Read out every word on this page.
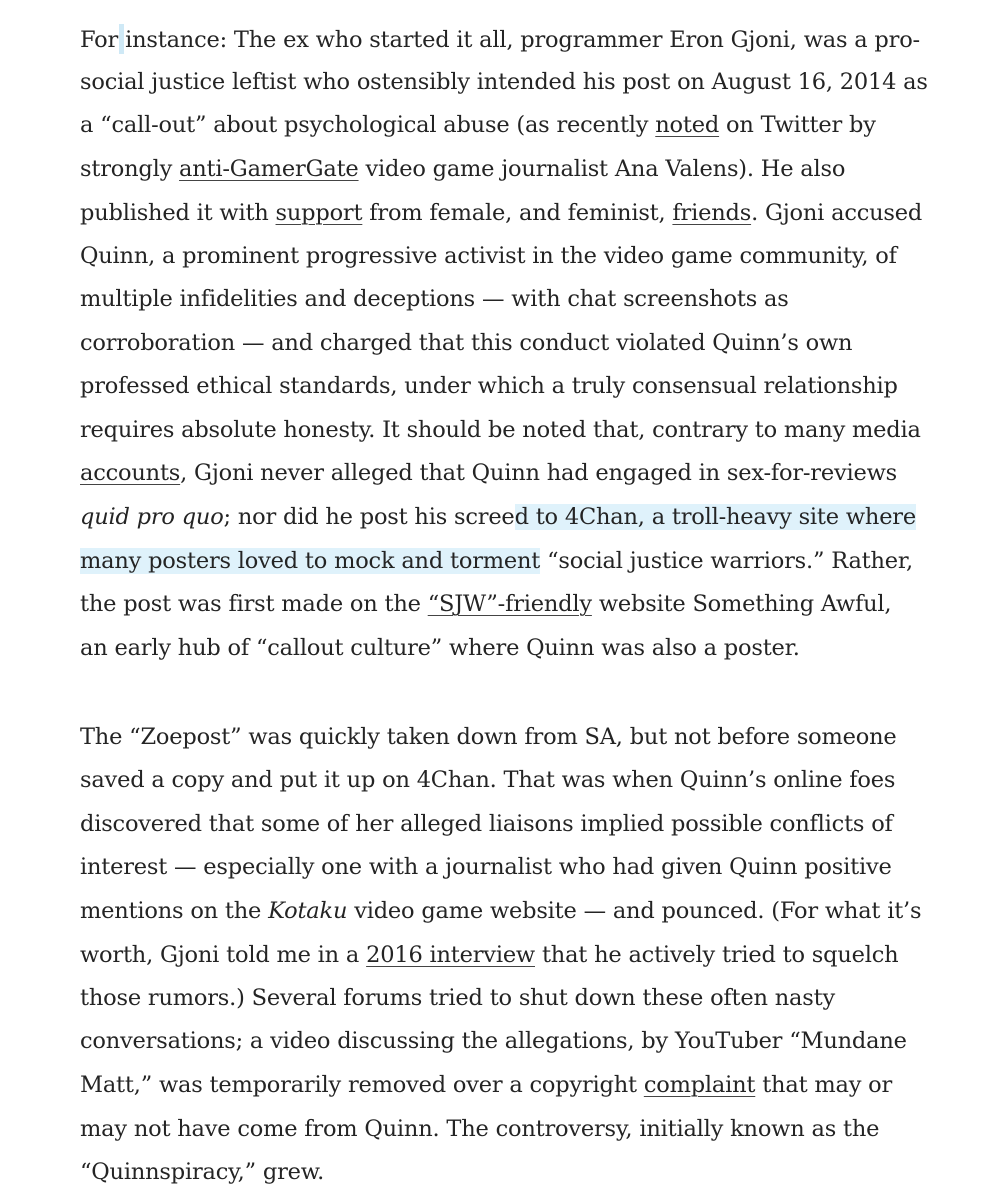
For instance: The ex who started it all, programmer Eron Gjoni, was a pro-
social justice leftist who ostensibly intended his post on August 16, 2014 as
a “call-out” about psychological abuse (as recently noted on Twitter by
strongly anti-GamerGate video game journalist Ana Valens). He also
published it with support from female, and feminist, friends. Gjoni accused
Quinn, a prominent progressive activist in the video game community, of
multiple infidelities and deceptions — with chat screenshots as
corroboration — and charged that this conduct violated Quinn’s own
professed ethical standards, under which a truly consensual relationship
requires absolute honesty. It should be noted that, contrary to many media
accounts, Gjoni never alleged that Quinn had engaged in sex-for-reviews
quid pro quo; nor did he post his screed to 4Chan, a troll-heavy site where
many posters loved to mock and torment “social justice warriors.” Rather,
the post was first made on the “SJW”-friendly website Something Awful,
an early hub of “callout culture” where Quinn was also a poster.
The “Zoepost” was quickly taken down from SA, but not before someone
saved a copy and put it up on 4Chan. That was when Quinn’s online foes
discovered that some of her alleged liaisons implied possible conflicts of
interest — especially one with a journalist who had given Quinn positive
mentions on the Kotaku video game website — and pounced. (For what it’s
worth, Gjoni told me in a 2016 interview that he actively tried to squelch
those rumors.) Several forums tried to shut down these often nasty
conversations; a video discussing the allegations, by YouTuber “Mundane
Matt,” was temporarily removed over a copyright complaint that may or
may not have come from Quinn. The controversy, initially known as the
“Quinnspiracy,” grew.
